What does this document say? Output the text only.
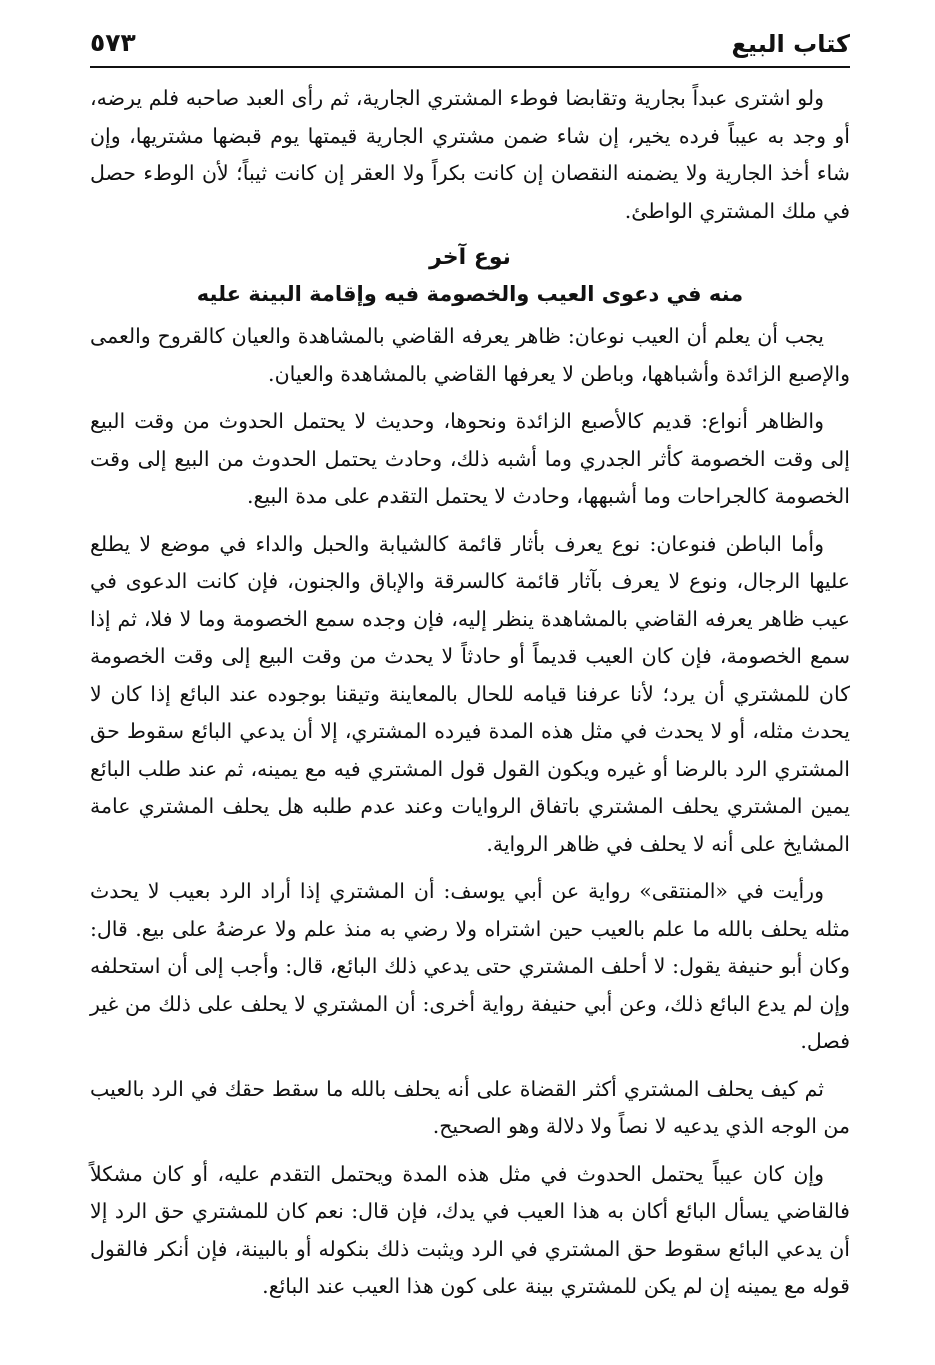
كتاب البيع
٥٧٣

ولو اشترى عبداً بجارية وتقابضا فوطء المشتري الجارية، ثم رأى العبد صاحبه فلم يرضه، أو وجد به عيباً فرده يخير، إن شاء ضمن مشتري الجارية قيمتها يوم قبضها مشتريها، وإن شاء أخذ الجارية ولا يضمنه النقصان إن كانت بكراً ولا العقر إن كانت ثيباً؛ لأن الوطء حصل في ملك المشتري الواطئ.

نوع آخر
منه في دعوى العيب والخصومة فيه وإقامة البينة عليه

يجب أن يعلم أن العيب نوعان: ظاهر يعرفه القاضي بالمشاهدة والعيان كالقروح والعمى والإصبع الزائدة وأشباهها، وباطن لا يعرفها القاضي بالمشاهدة والعيان.

والظاهر أنواع: قديم كالأصبع الزائدة ونحوها، وحديث لا يحتمل الحدوث من وقت البيع إلى وقت الخصومة كأثر الجدري وما أشبه ذلك، وحادث يحتمل الحدوث من البيع إلى وقت الخصومة كالجراحات وما أشبهها، وحادث لا يحتمل التقدم على مدة البيع.

وأما الباطن فنوعان: نوع يعرف بأثار قائمة كالشيابة والحبل والداء في موضع لا يطلع عليها الرجال، ونوع لا يعرف بآثار قائمة كالسرقة والإباق والجنون، فإن كانت الدعوى في عيب ظاهر يعرفه القاضي بالمشاهدة ينظر إليه، فإن وجده سمع الخصومة وما لا فلا، ثم إذا سمع الخصومة، فإن كان العيب قديماً أو حادثاً لا يحدث من وقت البيع إلى وقت الخصومة كان للمشتري أن يرد؛ لأنا عرفنا قيامه للحال بالمعاينة وتيقنا بوجوده عند البائع إذا كان لا يحدث مثله، أو لا يحدث في مثل هذه المدة فيرده المشتري، إلا أن يدعي البائع سقوط حق المشتري الرد بالرضا أو غيره ويكون القول قول المشتري فيه مع يمينه، ثم عند طلب البائع يمين المشتري يحلف المشتري باتفاق الروايات وعند عدم طلبه هل يحلف المشتري عامة المشايخ على أنه لا يحلف في ظاهر الرواية.

ورأيت في «المنتقى» رواية عن أبي يوسف: أن المشتري إذا أراد الرد بعيب لا يحدث مثله يحلف بالله ما علم بالعيب حين اشتراه ولا رضي به منذ علم ولا عرضهُ على بيع. قال: وكان أبو حنيفة يقول: لا أحلف المشتري حتى يدعي ذلك البائع، قال: وأجب إلى أن استحلفه وإن لم يدع البائع ذلك، وعن أبي حنيفة رواية أخرى: أن المشتري لا يحلف على ذلك من غير فصل.

ثم كيف يحلف المشتري أكثر القضاة على أنه يحلف بالله ما سقط حقك في الرد بالعيب من الوجه الذي يدعيه لا نصاً ولا دلالة وهو الصحيح.

وإن كان عيباً يحتمل الحدوث في مثل هذه المدة ويحتمل التقدم عليه، أو كان مشكلاً فالقاضي يسأل البائع أكان به هذا العيب في يدك، فإن قال: نعم كان للمشتري حق الرد إلا أن يدعي البائع سقوط حق المشتري في الرد ويثبت ذلك بنكوله أو بالبينة، فإن أنكر فالقول قوله مع يمينه إن لم يكن للمشتري بينة على كون هذا العيب عند البائع.
